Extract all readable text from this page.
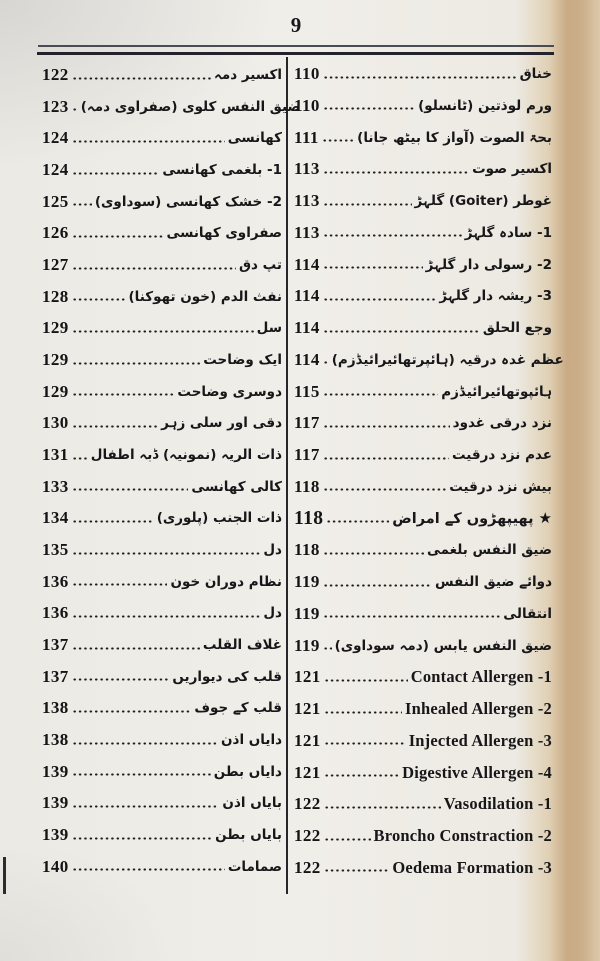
9
122	اکسیر دمہ
123 ضیق النفس کلوی (صفراوی دمہ)
124	کھانسی
124	1- بلغمی کھانسی
125 2- خشک کھانسی (سوداوی)
126	صفراوی کھانسی
127	تپ دق
128	نفث الدم (خون تھوکنا)
129	سل
129	ایک وضاحت
129	دوسری وضاحت
130	دقی اور سلی زہر
131 ذات الریہ (نمونیہ) ڈبہ اطفال
133	کالی کھانسی
134	ذات الجنب (پلوری)
135	دل
136	نظام دوران خون
136	دل
137	غلاف القلب
137	قلب کی دیواریں
138	قلب کے جوف
138	دایاں اذن
139	دایاں بطن
139	بایاں اذن
139	بایاں بطن
140	صمامات
110	خناق
110	ورم لوذتین (ٹانسلو)
111	بحۃ الصوت (آواز کا بیٹھ جانا)
113	اکسیر صوت
113	غوطر (Goiter) گلہڑ
113	1- سادہ گلہڑ
114	2- رسولی دار گلہڑ
114	3- ریشہ دار گلہڑ
114	وجع الحلق
114 عظم غدہ درقیہ (ہائپرتھائیرائیڈزم)
115	ہائپوتھائیرائیڈزم
117	نزد درقی غدود
117	عدم نزد درقیت
118	بیش نزد درقیت
118	پھیپھڑوں کے امراض ★
118	ضیق النفس بلغمی
119	دوائے ضیق النفس
119	انتقالی
119 ضیق النفس یابس (دمہ سوداوی)
121	Contact Allergen -1
121	Inhealed Allergen -2
121	Injected Allergen -3
121	Digestive Allergen -4
122	Vasodilation -1
122	Broncho Constraction -2
122	Oedema Formation -3
